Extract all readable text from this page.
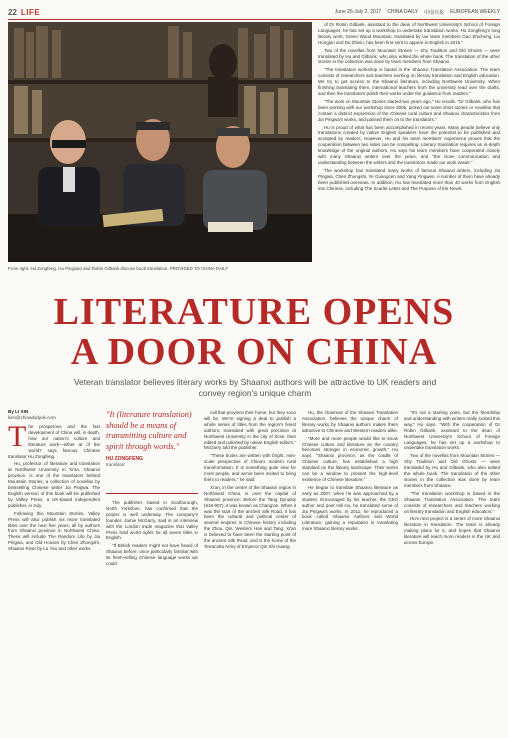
22 LIFE	June 26-July 2, 2017 CHINA DAILY 中国日报 EUROPEAN WEEKLY
From right: Hu Zongfeng, Hu Pingxiao and Robin Gilbank discuss book translation. PROVIDED TO CHINA DAILY

of Dr Robin Gilbank, assistant to the dean of Northwest University's School of Foreign Languages, he has set up a workshop to undertake translation works. Hu Zongfeng's long literary work, Green Wood Mountain, translated by our team members Gao Shicheng, Liu Hongjun and Du Zhixin, has been first sent to appear in English in 2016."

Two of the novellas from Mountain Stories — Shy Tradition and Old Ghosts — were translated by Hu and Gilbank, who also edited the whole book. The translation of the other stories in the collection was done by team members from Shaanxi.

"The translation workshop is based in the Shaanxi Translation Association. The team consists of researchers and teachers working on literary translation and English education. We try to get access to the Shaanxi literature, including Northwest University. When finishing translating them, international teachers from the university read over the drafts, and then the translators polish their works under the guidance from readers."

"The work on Mountain Stories started two years ago," Hu recalls. "Dr Gilbank, who has been working with our workshop since 2006, picked out some short stories or novellas that contain a distinct expression of the Chinese rural culture and Shaanxi characteristics from Jia Pingwa's works, and passed them on to the translators."

Hu is proud of what has been accomplished in recent years. Many people believe only translations created by native English speakers have the potential to be published and accepted by readers. However, Hu and his team members' experience proves that the cooperation between two sides can be compelling. Literary translation requires an in-depth knowledge of the original authors. Hu says his team members have cooperated closely with many Shaanxi writers over the years, and "the close communication and understanding between the writers and the translators made our work easier."

The workshop has translated many works of famous Shaanxi writers, including Jia Pingwa, Chen Zhongshi, Ye Guangcen and Yang Yingwen. A number of them have already been published overseas. In addition, Hu has translated more than 40 works from English into Chinese, including The Scarlet Letter and The Purpose of the Novel.

LITERATURE OPENS
A DOOR ON CHINA

Veteran translator believes literary works by Shaanxi authors will be attractive to UK readers and convey region's unique charm

By LI XIN
lixin@chinadailyuk.com
T he prosperous and the fast development of China will, in depth, how our nation's culture and literature work—either at of the world? says famous Chinese translator Hu Zongfeng.

Hu, professor of literature and translation at Northwest University in Xi'an, Shaanxi province, is one of the translators behind Mountain Stories, a collection of novellas by bestselling Chinese writer Jia Pingwa. The English version of this book will be published by Valley Press, a UK-based independent publisher, in July.

Following this Mountain Stories, Valley Press will also publish six more translated titles over the next five years, all by authors from Shaanxi province in Northwest China. These will include The Random Life by Jia Pingwa, and Old Houses by Chen Zhongshi, Shaanxi River by Lu Yao and other works.

"It (literature translation) should be a means of transmitting culture and spirit through words."

HU ZONGFENG
translator

The publisher, based in Scarborough, North Yorkshire, has confirmed that the project is well underway. The company's founder, Jamie McGarry, said in an interview with the London trade magazine that Valley Press hold world rights for all seven titles in English.

"If British readers might not have heard of Shaanxi before, once particularly familiar with its fresh-selling Chinese language works we could

call that province their home, but they soon will be. We're signing a deal to publish a whole series of titles from the region's finest authors, translated with great precision at Northwest University in the city of Xi'an, then edited and polished by native English editors," McGarry told the publisher.

"These books are written with bright, mini-scale perspective of China's modern rural transformation. It is something quite new for most people, and we've been invited to bring them to readers," he said.

Xi'an, in the center of the Shaanxi region in Northwest China, is over the capital of Shaanxi province. Before the Tang Dynasty (618-907), it was known as Chang'an. When it was the start of the ancient Silk Road, it has been the cultural and political center of several empires in Chinese history including the Zhou, Qin, Western Han and Tang. Xi'an is believed to have been the starting point of the ancient Silk Road, and is the home of the Terracotta Army of Emperor Qin Shi Huang.

Hu, the chairman of the Shaanxi Translation Association, believes the unique charm of literary works by Shaanxi authors makes them attractive to Chinese and Western readers alike.

"More and more people would like to know Chinese culture and literature as the country becomes stronger in economic growth," Hu says. "Shaanxi province, as the cradle of Chinese culture, has established a high standard on the literary landscape. Their works can be a window to present the high-level existence of Chinese literature."

He began to translate Shaanxi literature as early as 2007, when he was approached by a student. Encouraged by his teacher, the CEO author and poet Hill Hu, he translated some of Jia Pingwa's works. In 2011, he reproduced a book called Shaanxi Authors and World Literature, gaining a reputation in translating more Shaanxi literary works.

"It's not a starting point, but the friendship and understanding with writers really looked this way," Hu says. "With the cooperation of Dr Robin Gilbank, assistant to the dean of Northwest University's School of Foreign Languages, he has set up a workshop to undertake translation works.

Two of the novellas from Mountain Stories — Shy Tradition and Old Ghosts — were translated by Hu and Gilbank, who also edited the whole book. The translation of the other stories in the collection was done by team members from Shaanxi.

"The translation workshop is based in the Shaanxi Translation Association. The team consists of researchers and teachers working on literary translation and English education."

Hu's next project is a series of more Shaanxi literature in translation. The team is already making plans for it, and hopes that Shaanxi literature will reach more readers in the UK and across Europe.
